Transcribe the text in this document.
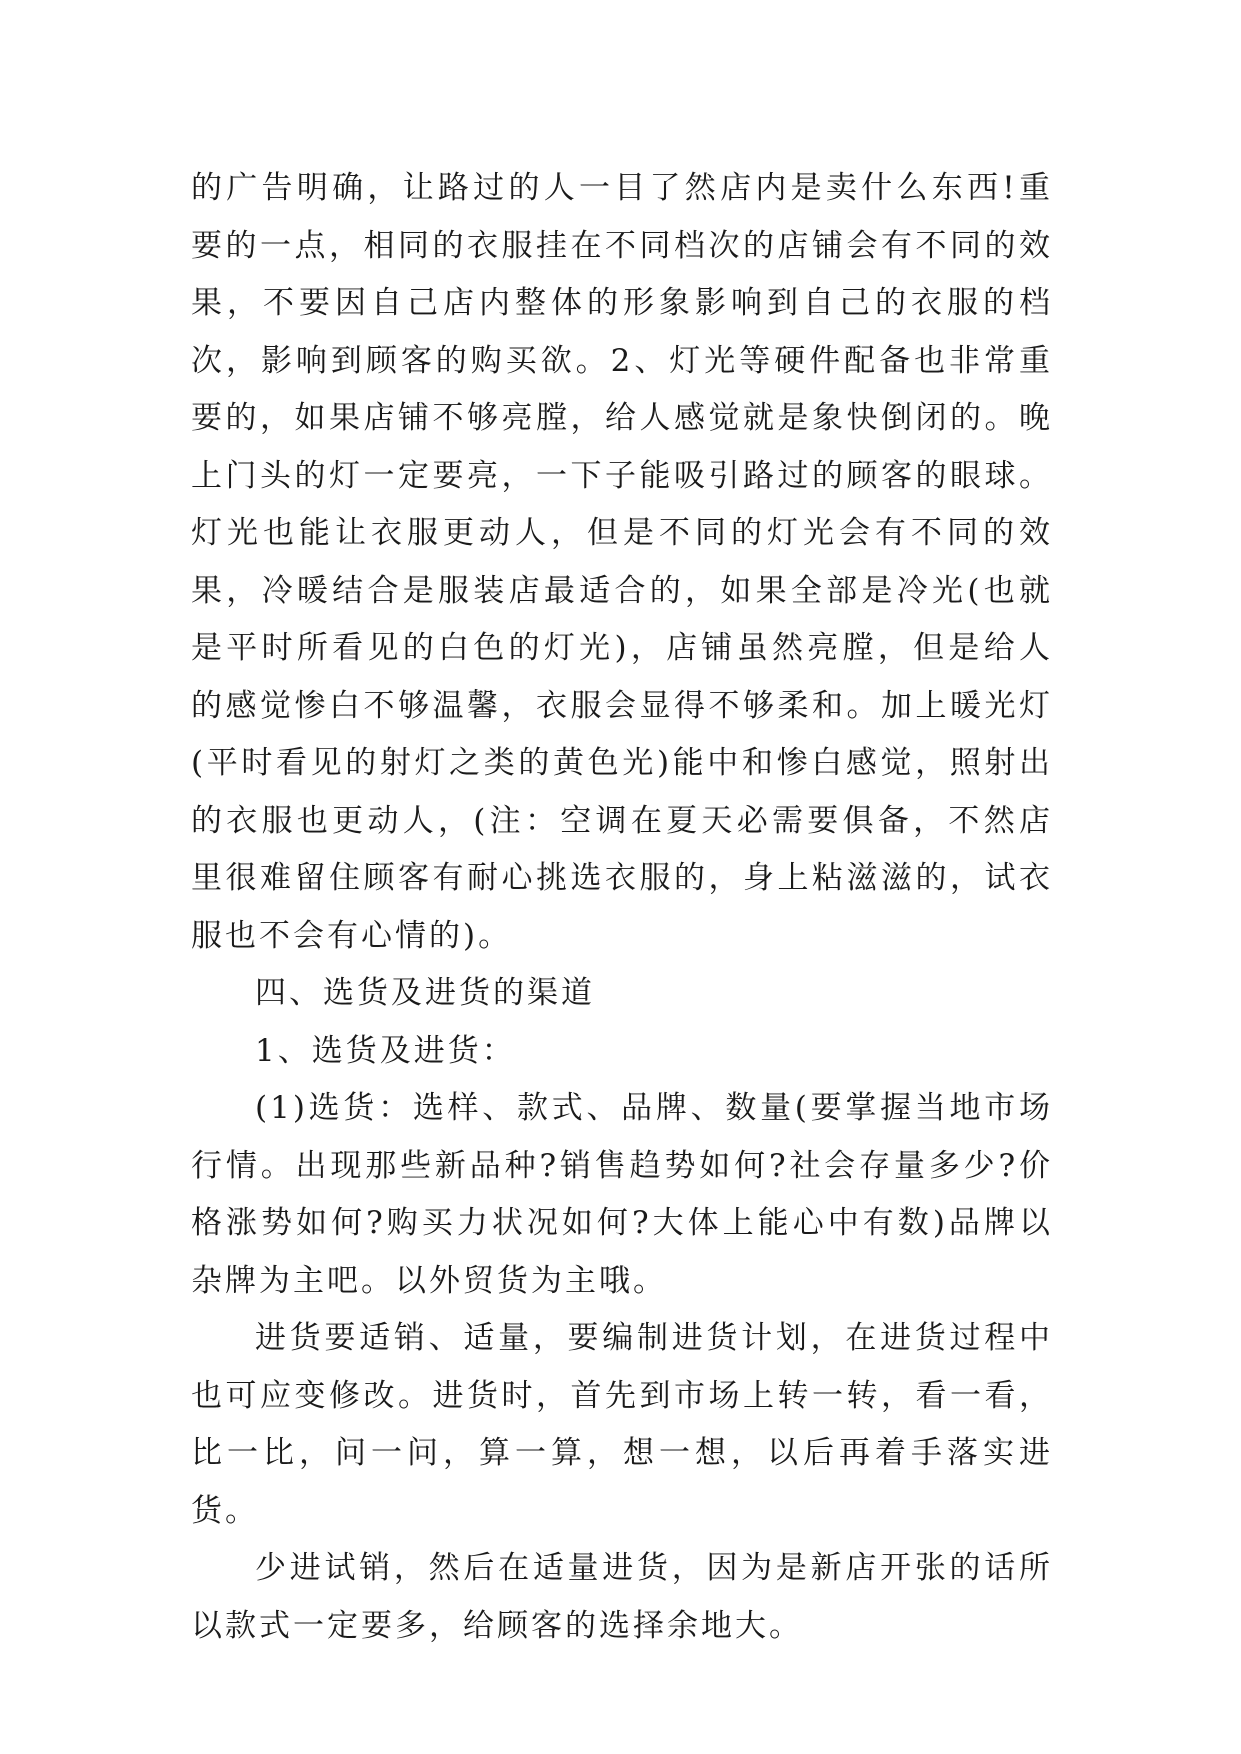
的广告明确，让路过的人一目了然店内是卖什么东西!重要的一点，相同的衣服挂在不同档次的店铺会有不同的效果，不要因自己店内整体的形象影响到自己的衣服的档次，影响到顾客的购买欲。2、灯光等硬件配备也非常重要的，如果店铺不够亮膛，给人感觉就是象快倒闭的。晚上门头的灯一定要亮，一下子能吸引路过的顾客的眼球。灯光也能让衣服更动人，但是不同的灯光会有不同的效果，冷暖结合是服装店最适合的，如果全部是冷光(也就是平时所看见的白色的灯光)，店铺虽然亮膛，但是给人的感觉惨白不够温馨，衣服会显得不够柔和。加上暖光灯(平时看见的射灯之类的黄色光)能中和惨白感觉，照射出的衣服也更动人，(注：空调在夏天必需要俱备，不然店里很难留住顾客有耐心挑选衣服的，身上粘滋滋的，试衣服也不会有心情的)。

四、选货及进货的渠道

1、选货及进货：

(1)选货：选样、款式、品牌、数量(要掌握当地市场行情。出现那些新品种?销售趋势如何?社会存量多少?价格涨势如何?购买力状况如何?大体上能心中有数)品牌以杂牌为主吧。以外贸货为主哦。

进货要适销、适量，要编制进货计划，在进货过程中也可应变修改。进货时，首先到市场上转一转，看一看，比一比，问一问，算一算，想一想，以后再着手落实进货。

少进试销，然后在适量进货，因为是新店开张的话所以款式一定要多，给顾客的选择余地大。
